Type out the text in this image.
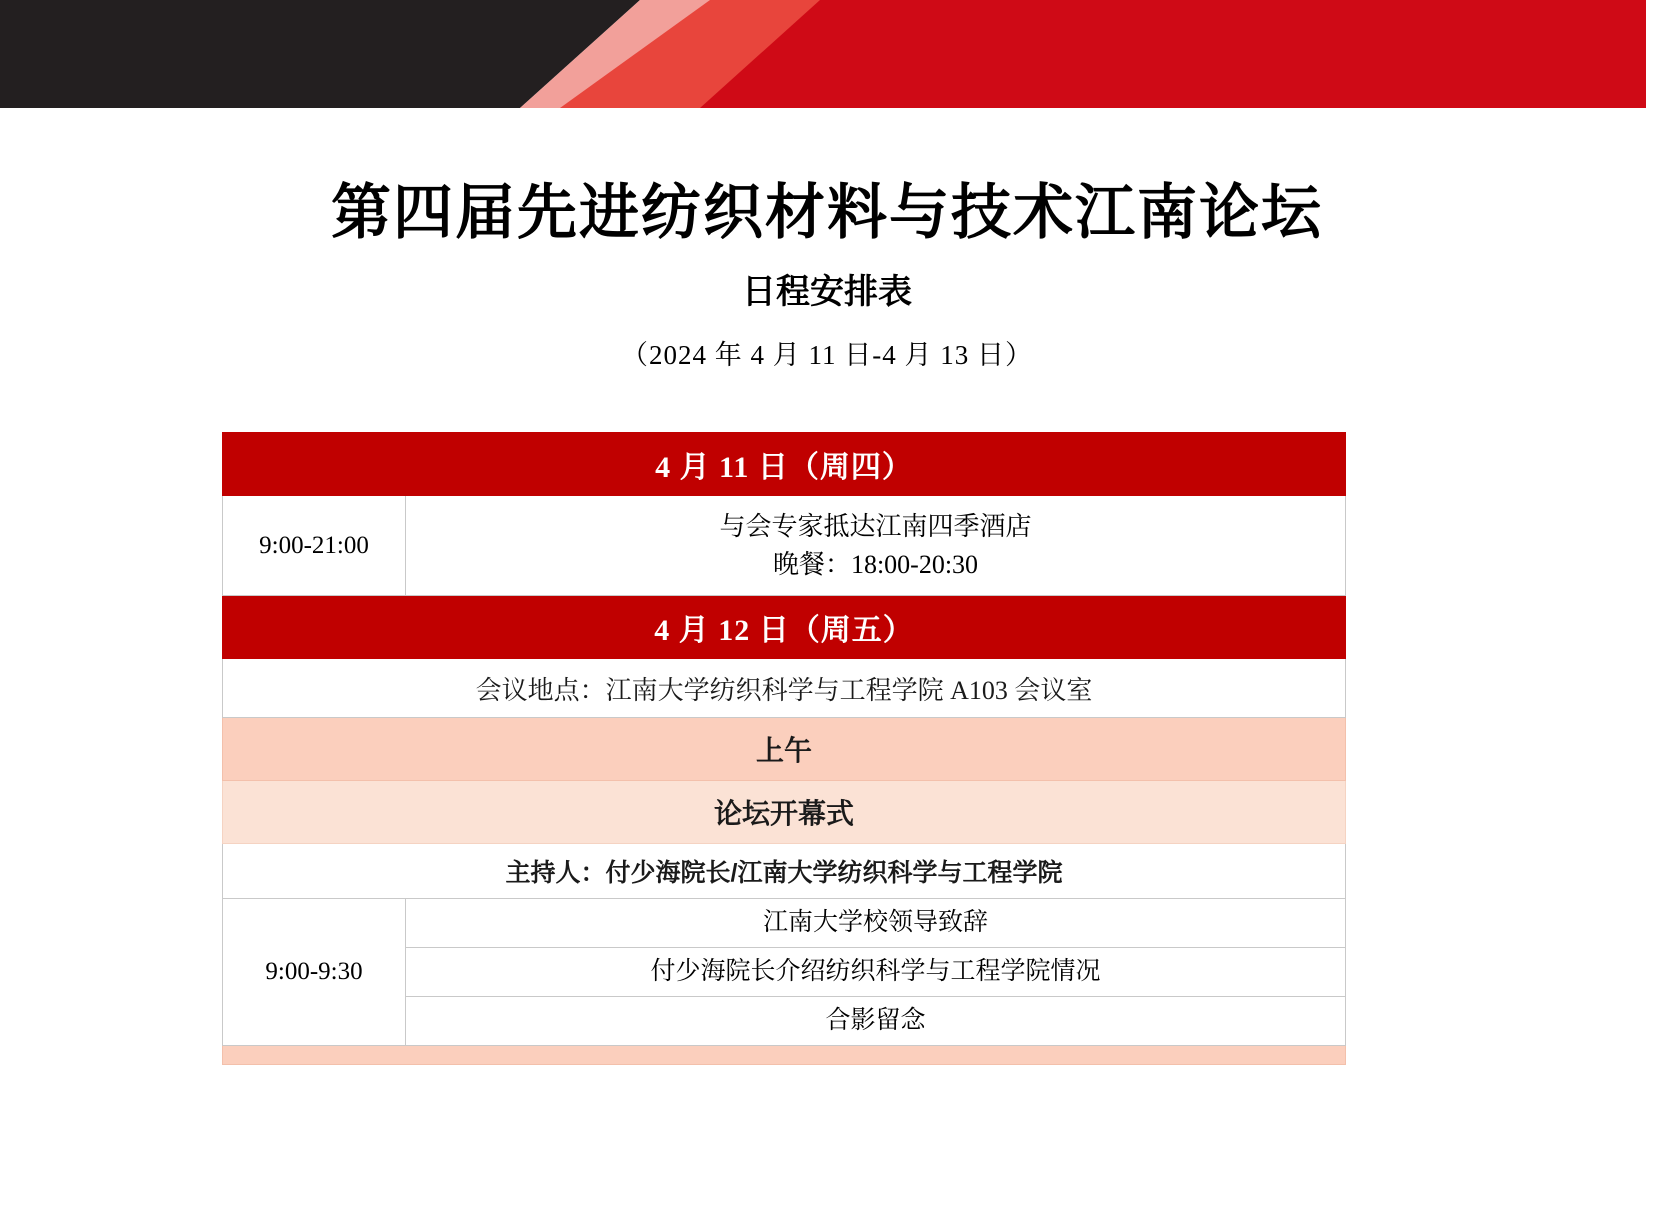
第四届先进纺织材料与技术江南论坛
日程安排表
（2024 年 4 月 11 日-4 月 13 日）
4 月 11 日（周四）	
9:00-21:00	与会专家抵达江南四季酒店
晚餐：18:00-20:30

4 月 12 日（周五）	
会议地点：江南大学纺织科学与工程学院 A103 会议室	
上午	
论坛开幕式	
主持人：付少海院长/江南大学纺织科学与工程学院	
9:00-9:30	江南大学校领导致辞
	付少海院长介绍纺织科学与工程学院情况
	合影留念
